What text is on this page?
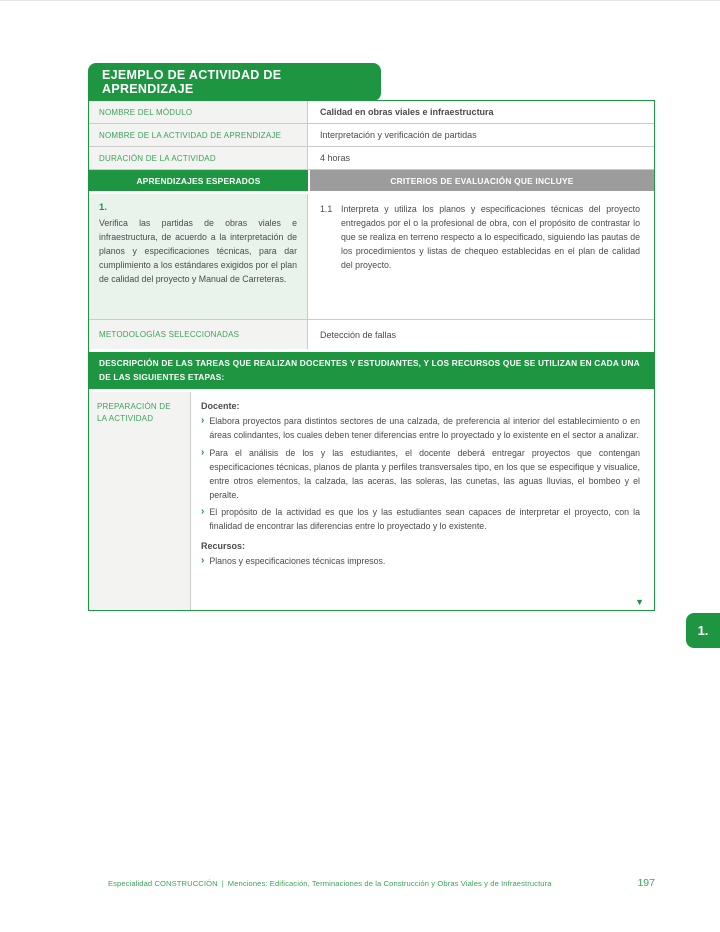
EJEMPLO DE ACTIVIDAD DE APRENDIZAJE
NOMBRE DEL MÓDULO	Calidad en obras viales e infraestructura
NOMBRE DE LA ACTIVIDAD DE APRENDIZAJE	Interpretación y verificación de partidas
DURACIÓN DE LA ACTIVIDAD	4 horas
APRENDIZAJES ESPERADOS	CRITERIOS DE EVALUACIÓN QUE INCLUYE
1.

Verifica las partidas de obras viales e infraestructura, de acuerdo a la interpretación de planos y especificaciones técnicas, para dar cumplimiento a los estándares exigidos por el plan de calidad del proyecto y Manual de Carreteras.

1.1 Interpreta y utiliza los planos y especificaciones técnicas del proyecto entregados por el o la profesional de obra, con el propósito de contrastar lo que se realiza en terreno respecto a lo especificado, siguiendo las pautas de los procedimientos y listas de chequeo establecidas en el plan de calidad del proyecto.

METODOLOGÍAS SELECCIONADAS	Detección de fallas
DESCRIPCIÓN DE LAS TAREAS QUE REALIZAN DOCENTES Y ESTUDIANTES, Y LOS RECURSOS QUE SE UTILIZAN EN CADA UNA DE LAS SIGUIENTES ETAPAS:
PREPARACIÓN DE LA ACTIVIDAD
Docente:
› Elabora proyectos para distintos sectores de una calzada, de preferencia al interior del establecimiento o en áreas colindantes, los cuales deben tener diferencias entre lo proyectado y lo existente en el sector a analizar.

› Para el análisis de los y las estudiantes, el docente deberá entregar proyectos que contengan especificaciones técnicas, planos de planta y perfiles transversales tipo, en los que se especifique y visualice, entre otros elementos, la calzada, las aceras, las soleras, las cunetas, las aguas lluvias, el bombeo y el peralte.

› El propósito de la actividad es que los y las estudiantes sean capaces de interpretar el proyecto, con la finalidad de encontrar las diferencias entre lo proyectado y lo existente.

Recursos:
› Planos y especificaciones técnicas impresos.

▼
1.
Especialidad CONSTRUCCIÓN | Menciones: Edificación, Terminaciones de la Construcción y Obras Viales y de Infraestructura	197
